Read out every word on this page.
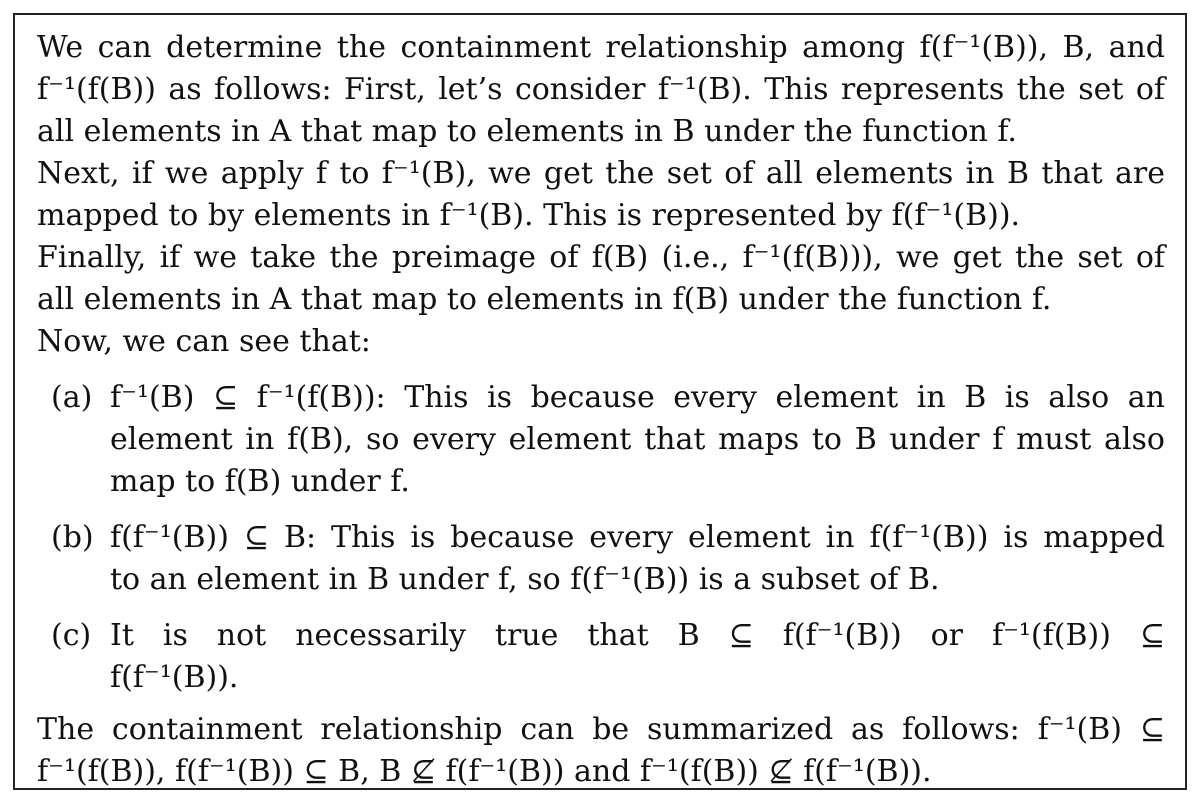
We can determine the containment relationship among f(f⁻¹(B)), B, and
f⁻¹(f(B)) as follows: First, let’s consider f⁻¹(B). This represents the set of
all elements in A that map to elements in B under the function f.
Next, if we apply f to f⁻¹(B), we get the set of all elements in B that are
mapped to by elements in f⁻¹(B). This is represented by f(f⁻¹(B)).
Finally, if we take the preimage of f(B) (i.e., f⁻¹(f(B))), we get the set of
all elements in A that map to elements in f(B) under the function f.
Now, we can see that:
(a) f⁻¹(B) ⊆ f⁻¹(f(B)): This is because every element in B is also an
element in f(B), so every element that maps to B under f must also
map to f(B) under f.
(b) f(f⁻¹(B)) ⊆ B: This is because every element in f(f⁻¹(B)) is mapped
to an element in B under f, so f(f⁻¹(B)) is a subset of B.
(c) It is not necessarily true that B ⊆ f(f⁻¹(B)) or f⁻¹(f(B)) ⊆
f(f⁻¹(B)).
The containment relationship can be summarized as follows: f⁻¹(B) ⊆
f⁻¹(f(B)), f(f⁻¹(B)) ⊆ B, B ⊈ f(f⁻¹(B)) and f⁻¹(f(B)) ⊈ f(f⁻¹(B)).
